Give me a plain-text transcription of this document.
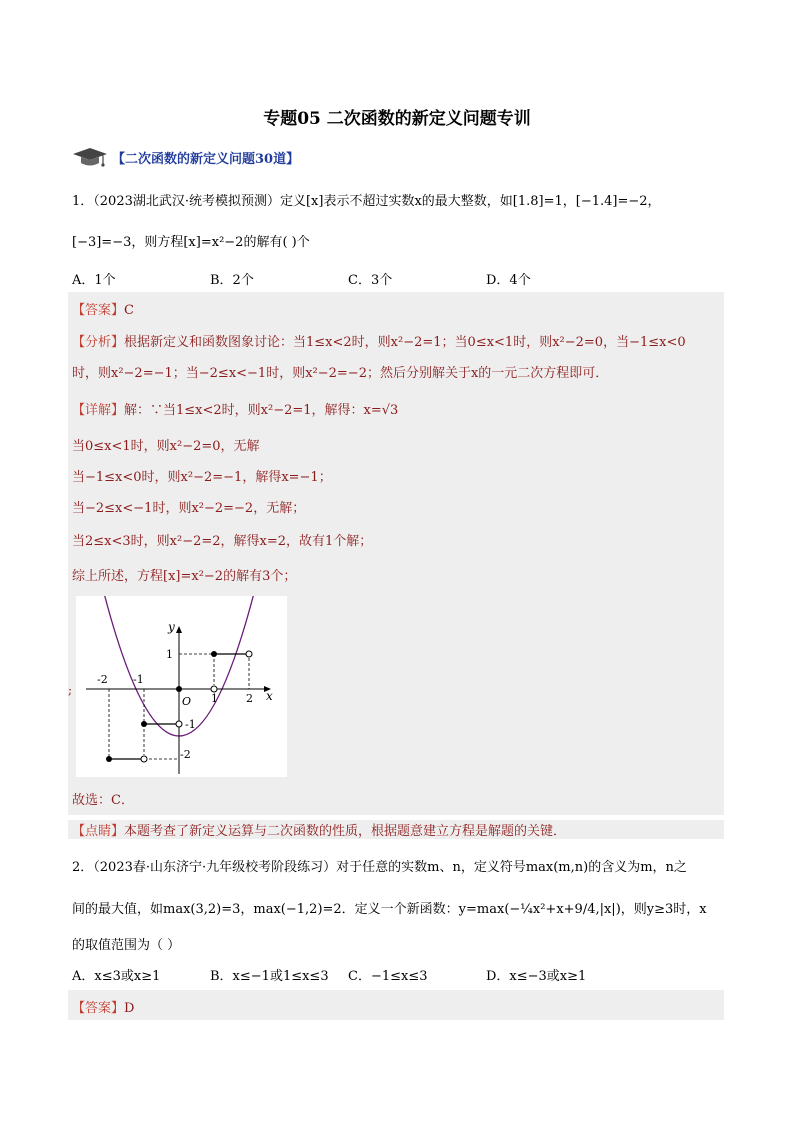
专题05 二次函数的新定义问题专训
【二次函数的新定义问题30道】
1．（2023湖北武汉·统考模拟预测）定义[x]表示不超过实数x的最大整数，如[1.8]=1，[−1.4]=−2，
[−3]=−3，则方程[x]=x²−2的解有( )个
A．1个	B．2个	C．3个	D．4个
【答案】C
【分析】根据新定义和函数图象讨论：当1≤x<2时，则x²−2=1；当0≤x<1时，则x²−2=0，当−1≤x<0
时，则x²−2=−1；当−2≤x<−1时，则x²−2=−2；然后分别解关于x的一元二次方程即可．
【详解】解：∵当1≤x<2时，则x²−2=1，解得：x=√3
当0≤x<1时，则x²−2=0，无解
当−1≤x<0时，则x²−2=−1，解得x=−1；
当−2≤x<−1时，则x²−2=−2，无解；
当2≤x<3时，则x²−2=2，解得x=2，故有1个解；
综上所述，方程[x]=x²−2的解有3个；
;
y
x
O
-2 -1
1	2
1
-1
-2
故选：C．
【点睛】本题考查了新定义运算与二次函数的性质，根据题意建立方程是解题的关键．
2．（2023春·山东济宁·九年级校考阶段练习）对于任意的实数m、n，定义符号max(m,n)的含义为m，n之
间的最大值，如max(3,2)=3，max(−1,2)=2．定义一个新函数：y=max(−¼x²+x+9/4,|x|)，则y≥3时，x
的取值范围为（ ）
A．x≤3或x≥1	B．x≤−1或1≤x≤3 C．−1≤x≤3	D．x≤−3或x≥1
【答案】D
